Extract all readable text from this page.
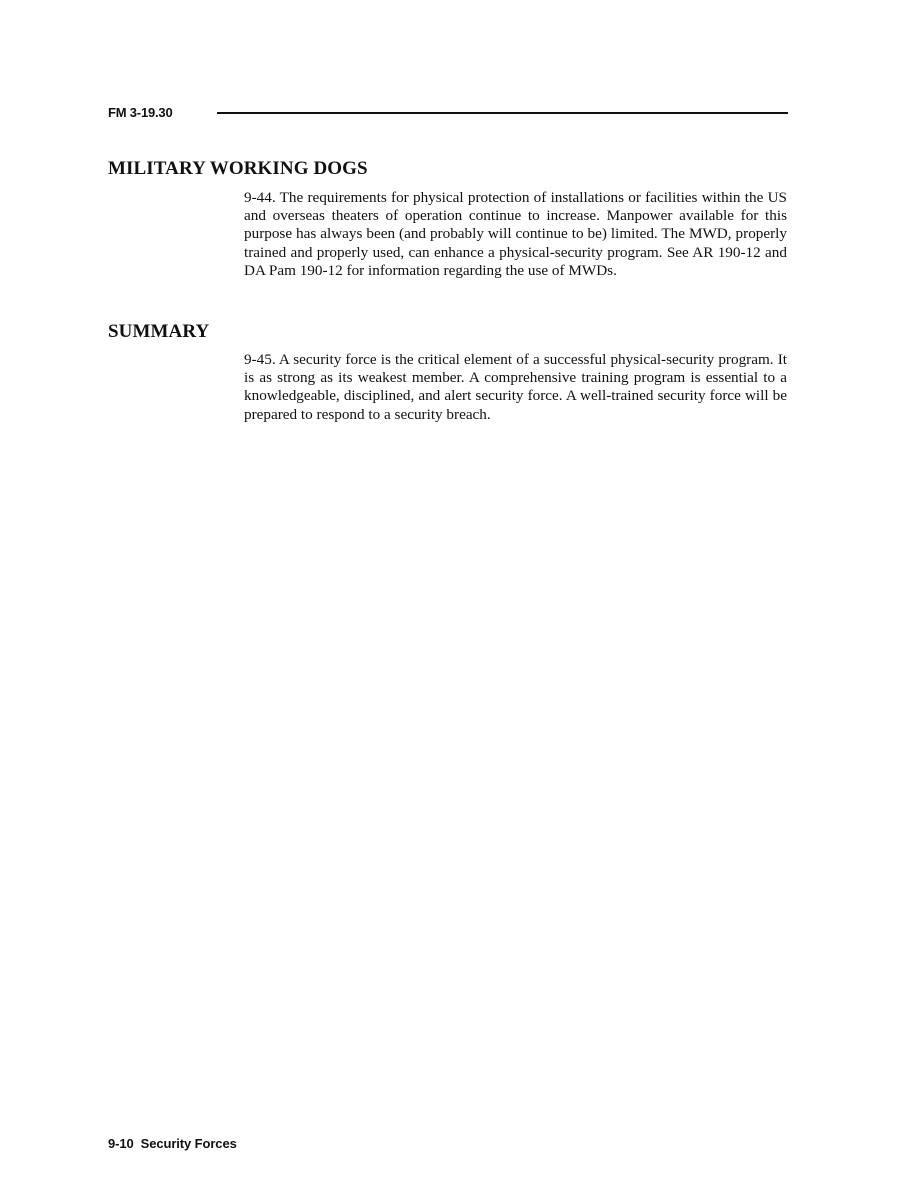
FM 3-19.30
MILITARY WORKING DOGS

9-44. The requirements for physical protection of installations or facilities within the US and overseas theaters of operation continue to increase. Manpower available for this purpose has always been (and probably will continue to be) limited. The MWD, properly trained and properly used, can enhance a physical-security program. See AR 190-12 and DA Pam 190-12 for information regarding the use of MWDs.

SUMMARY

9-45. A security force is the critical element of a successful physical-security program. It is as strong as its weakest member. A comprehensive training program is essential to a knowledgeable, disciplined, and alert security force. A well-trained security force will be prepared to respond to a security breach.

9-10 Security Forces
